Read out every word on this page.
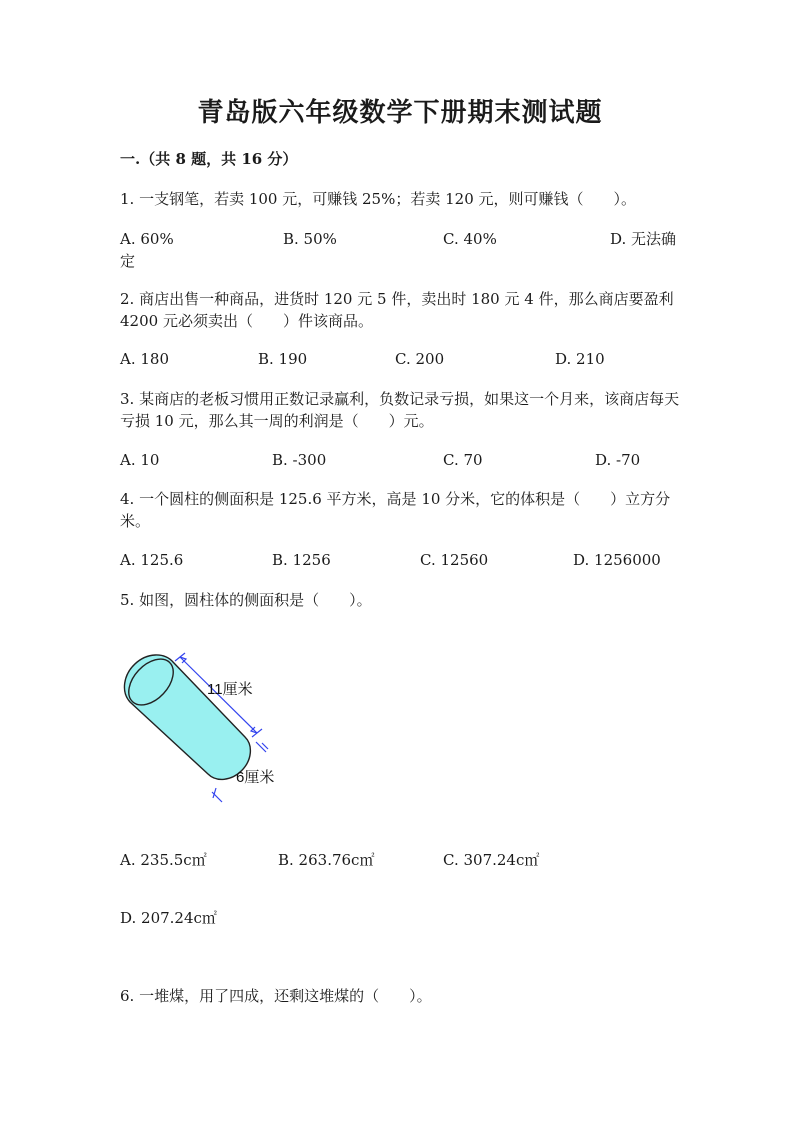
青岛版六年级数学下册期末测试题
一.（共 8 题，共 16 分）
1. 一支钢笔，若卖 100 元，可赚钱 25%；若卖 120 元，则可赚钱（　　）。
A. 60%	B. 50%	C. 40%	D. 无法确定
2. 商店出售一种商品，进货时 120 元 5 件，卖出时 180 元 4 件，那么商店要盈利 4200 元必须卖出（　　）件该商品。
A. 180	B. 190	C. 200	D. 210
3. 某商店的老板习惯用正数记录赢利，负数记录亏损，如果这一个月来，该商店每天亏损 10 元，那么其一周的利润是（　　）元。
A. 10	B. -300	C. 70	D. -70
4. 一个圆柱的侧面积是 125.6 平方米，高是 10 分米，它的体积是（　　）立方分米。
A. 125.6	B. 1256	C. 12560	D. 1256000
5. 如图，圆柱体的侧面积是（　　）。
11厘米
6厘米
A. 235.5c㎡	B. 263.76c㎡	C. 307.24c㎡
D. 207.24c㎡
6. 一堆煤，用了四成，还剩这堆煤的（　　）。
